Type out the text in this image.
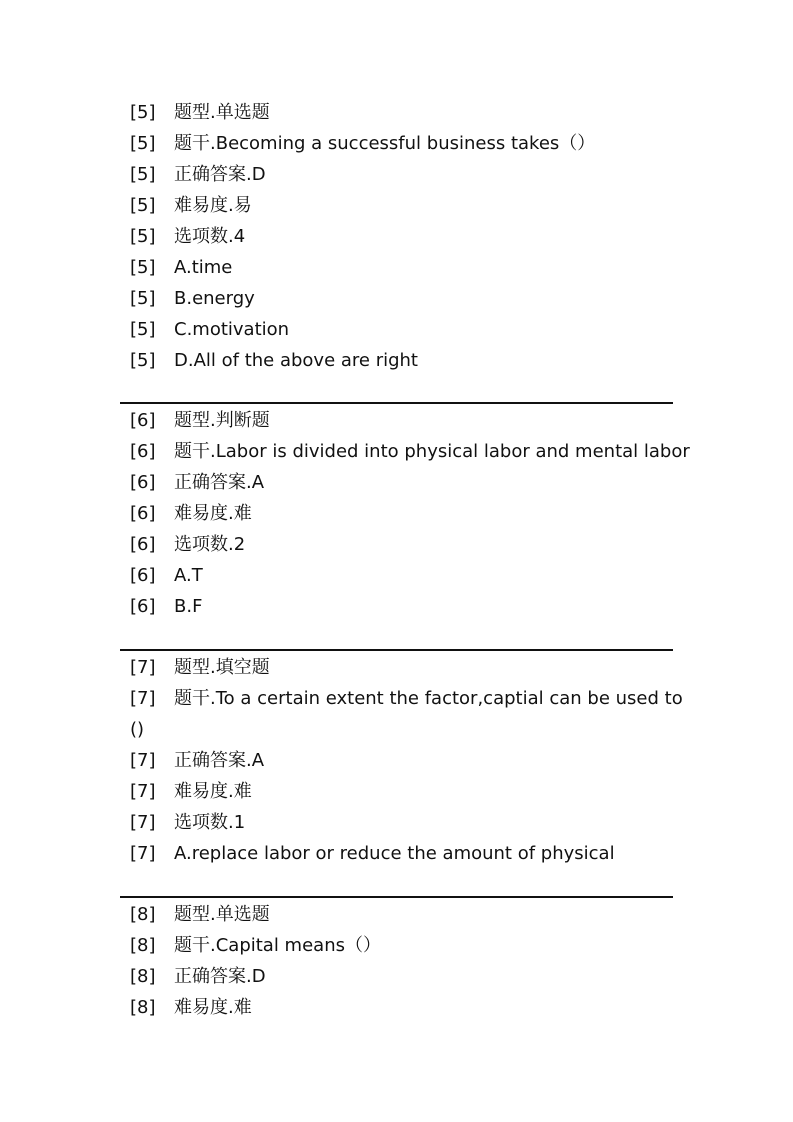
[5]	题型.单选题
[5]	题干.Becoming a successful business takes（）
[5]	正确答案.D
[5]	难易度.易
[5]	选项数.4
[5]	A.time
[5]	B.energy
[5]	C.motivation
[5]	D.All of the above are right
[6]	题型.判断题
[6]	题干.Labor is divided into physical labor and mental labor
[6]	正确答案.A
[6]	难易度.难
[6]	选项数.2
[6]	A.T
[6]	B.F
[7]	题型.填空题
[7]	题干.To a certain extent the factor,captial can be used to
()
[7]	正确答案.A
[7]	难易度.难
[7]	选项数.1
[7]	A.replace labor or reduce the amount of physical
[8]	题型.单选题
[8]	题干.Capital means（）
[8]	正确答案.D
[8]	难易度.难
